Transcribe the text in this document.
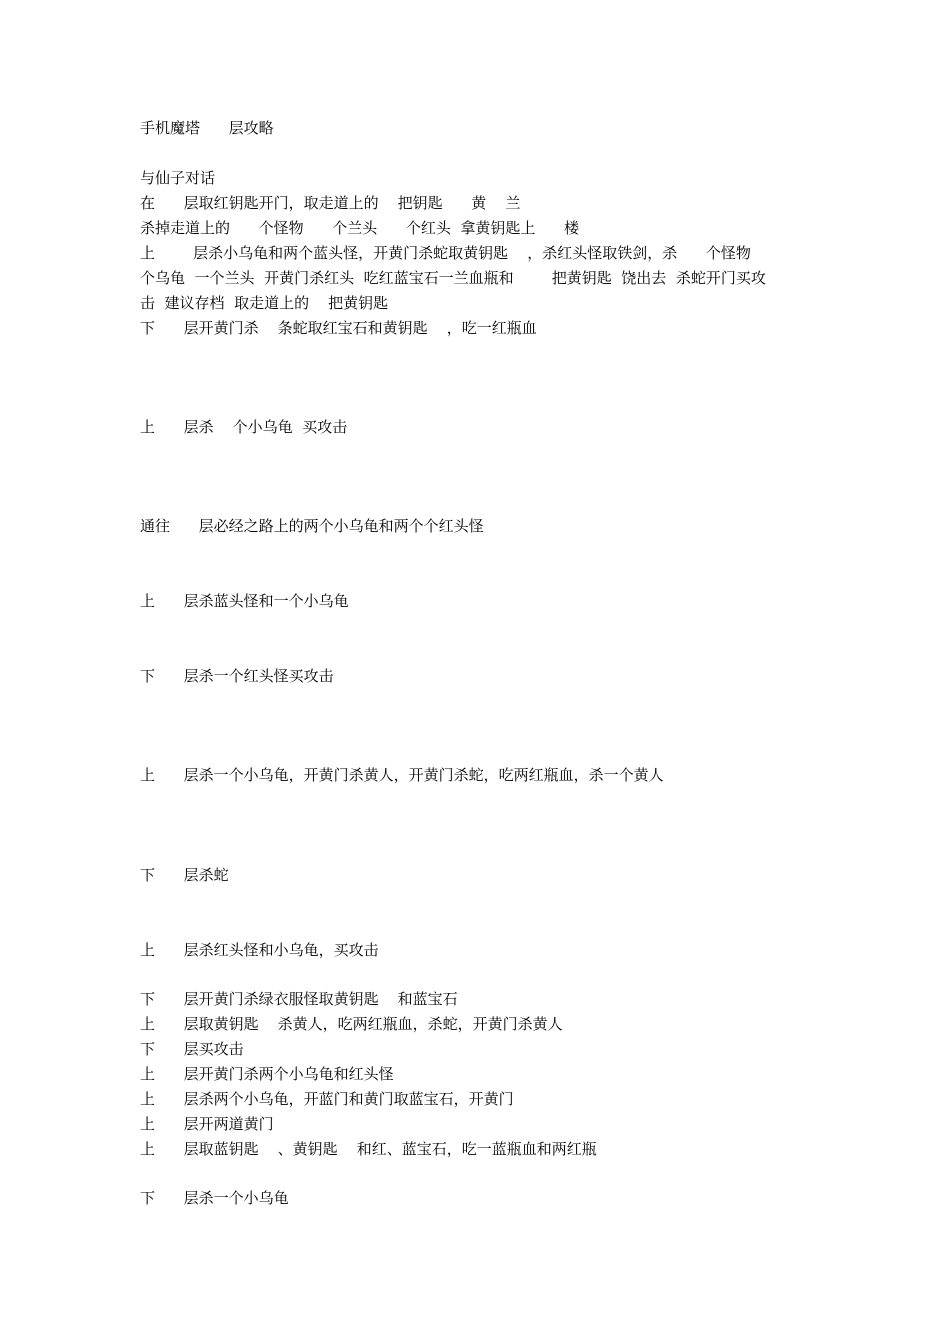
手机魔塔      层攻略
与仙子对话
在      层取红钥匙开门，取走道上的    把钥匙      黄    兰
杀掉走道上的      个怪物      个兰头      个红头  拿黄钥匙上      楼
上        层杀小乌龟和两个蓝头怪，开黄门杀蛇取黄钥匙    ，杀红头怪取铁剑，杀      个怪物
个乌龟  一个兰头  开黄门杀红头  吃红蓝宝石一兰血瓶和        把黄钥匙  饶出去  杀蛇开门买攻
击  建议存档  取走道上的    把黄钥匙
下      层开黄门杀    条蛇取红宝石和黄钥匙    ，吃一红瓶血
上      层杀    个小乌龟  买攻击
通往      层必经之路上的两个小乌龟和两个个红头怪
上      层杀蓝头怪和一个小乌龟
下      层杀一个红头怪买攻击
上      层杀一个小乌龟，开黄门杀黄人，开黄门杀蛇，吃两红瓶血，杀一个黄人
下      层杀蛇
上      层杀红头怪和小乌龟，买攻击
下      层开黄门杀绿衣服怪取黄钥匙    和蓝宝石
上      层取黄钥匙    杀黄人，吃两红瓶血，杀蛇，开黄门杀黄人
下      层买攻击
上      层开黄门杀两个小乌龟和红头怪
上      层杀两个小乌龟，开蓝门和黄门取蓝宝石，开黄门
上      层开两道黄门
上      层取蓝钥匙    、黄钥匙    和红、蓝宝石，吃一蓝瓶血和两红瓶
下      层杀一个小乌龟
